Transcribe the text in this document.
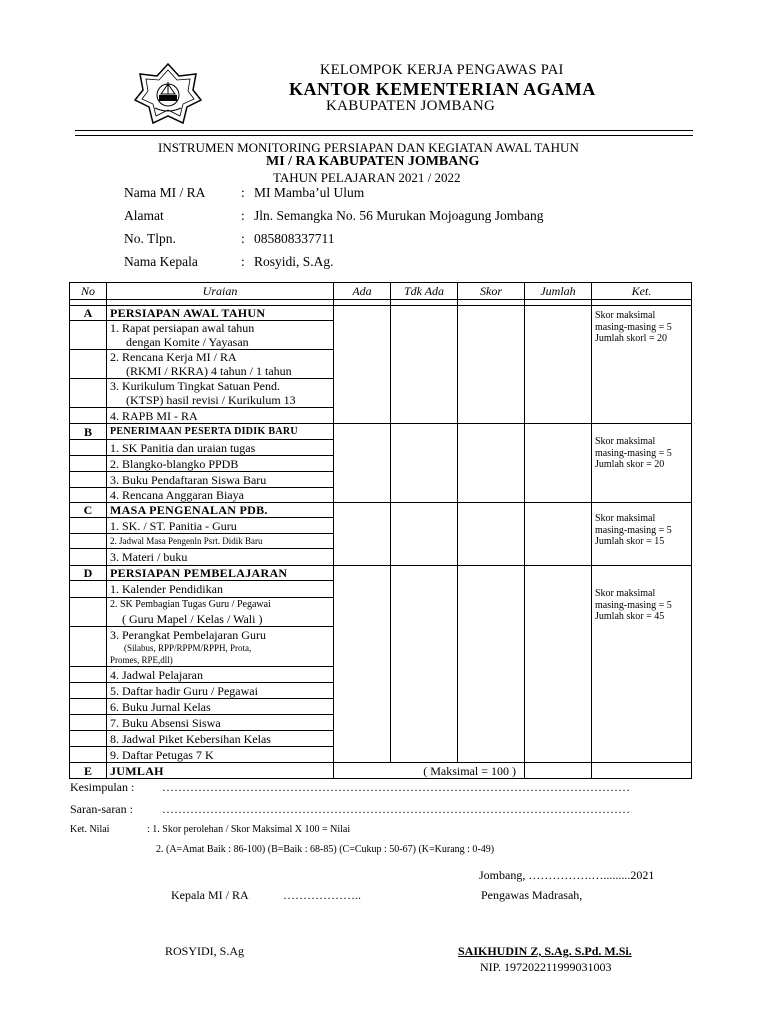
KELOMPOK KERJA PENGAWAS PAI
KANTOR KEMENTERIAN AGAMA
KABUPATEN JOMBANG
INSTRUMEN MONITORING PERSIAPAN DAN KEGIATAN AWAL TAHUN
MI / RA KABUPATEN JOMBANG
TAHUN PELAJARAN 2021 / 2022
Nama MI / RA	: MI Mamba’ul Ulum
Alamat	: Jln. Semangka No. 56 Murukan Mojoagung Jombang
No. Tlpn.	: 085808337711
Nama Kepala	: Rosyidi, S.Ag.
No	Uraian	Ada	Tdk Ada	Skor	Jumlah	Ket.

A	PERSIAPAN AWAL TAHUN					Skor maksimal
masing-masing = 5
Jumlah skorl = 20

	1. Rapat persiapan awal tahun
dengan Komite / Yayasan					

	2. Rencana Kerja MI / RA
(RKMI / RKRA) 4 tahun / 1 tahun					

	3. Kurikulum Tingkat Satuan Pend.
(KTSP) hasil revisi / Kurikulum 13					

	4. RAPB MI - RA					
B	PENERIMAAN PESERTA DIDIK BARU					Skor maksimal
masing-masing = 5
Jumlah skor = 20

	1. SK Panitia dan uraian tugas					
	2. Blangko-blangko PPDB					
	3. Buku Pendaftaran Siswa Baru					
	4. Rencana Anggaran Biaya					
C	MASA PENGENALAN PDB.					Skor maksimal
masing-masing = 5
Jumlah skor = 15

	1. SK. / ST. Panitia - Guru					
	2. Jadwal Masa Pengenln Psrt. Didik Baru					
	3. Materi / buku					
D	PERSIAPAN PEMBELAJARAN					Skor maksimal
masing-masing = 5
Jumlah skor = 45

	1. Kalender Pendidikan					

	2. SK Pembagian Tugas Guru / Pegawai
( Guru Mapel / Kelas / Wali )					

	3. Perangkat Pembelajaran Guru
(Silabus, RPP/RPPM/RPPH, Prota,
Promes, RPE,dll)					

	4. Jadwal Pelajaran					
	5. Daftar hadir Guru / Pegawai					
	6. Buku Jurnal Kelas					
	7. Buku Absensi Siswa					
	8. Jadwal Piket Kebersihan Kelas					
	9. Daftar Petugas 7 K					
E	JUMLAH	( Maksimal = 100 )				
Kesimpulan : ………………………………………………………………………………………………………
Saran-saran : ………………………………………………………………………………………………………
Ket. Nilai	: 1. Skor perolehan / Skor Maksimal X 100 = Nilai
2. (A=Amat Baik : 86-100) (B=Baik : 68-85) (C=Cukup : 50-67) (K=Kurang : 0-49)
Jombang, …………….….........2021
Kepala MI / RA	………………..	Pengawas Madrasah,
ROSYIDI, S.Ag	SAIKHUDIN Z, S.Ag. S.Pd. M.Si.
NIP. 197202211999031003
